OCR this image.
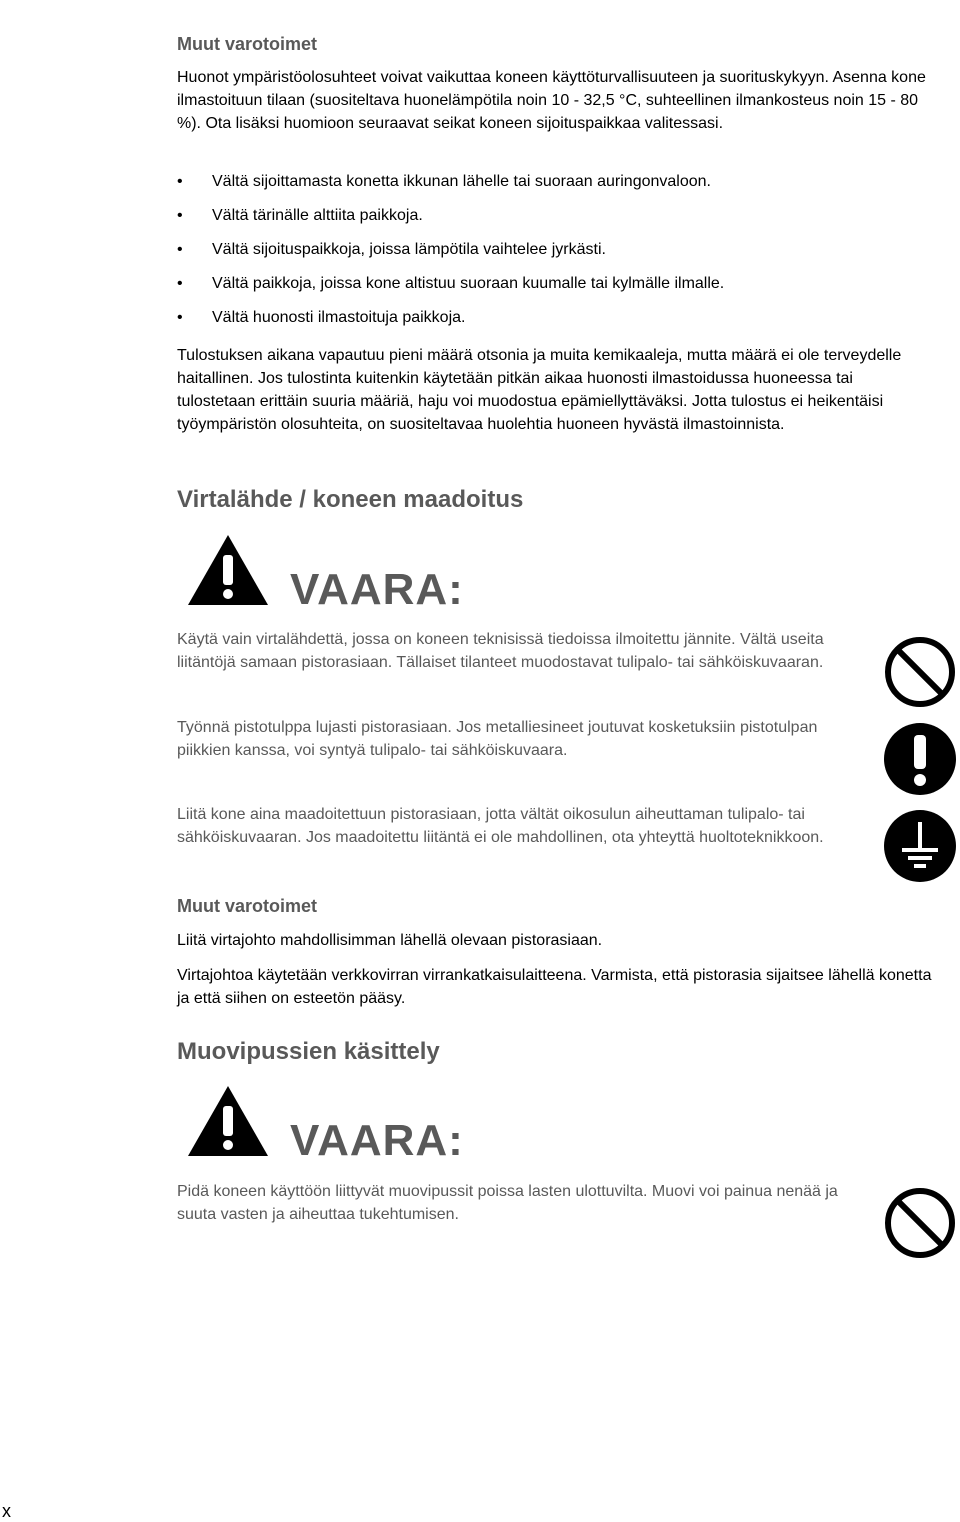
Muut varotoimet

Huonot ympäristöolosuhteet voivat vaikuttaa koneen käyttöturvallisuuteen ja suorituskykyyn. Asenna kone ilmastoituun tilaan (suositeltava huonelämpötila noin 10 - 32,5 °C, suhteellinen ilmankosteus noin 15 - 80 %). Ota lisäksi huomioon seuraavat seikat koneen sijoituspaikkaa valitessasi.

• Vältä sijoittamasta konetta ikkunan lähelle tai suoraan auringonvaloon.
• Vältä tärinälle alttiita paikkoja.
• Vältä sijoituspaikkoja, joissa lämpötila vaihtelee jyrkästi.
• Vältä paikkoja, joissa kone altistuu suoraan kuumalle tai kylmälle ilmalle.
• Vältä huonosti ilmastoituja paikkoja.

Tulostuksen aikana vapautuu pieni määrä otsonia ja muita kemikaaleja, mutta määrä ei ole terveydelle haitallinen. Jos tulostinta kuitenkin käytetään pitkän aikaa huonosti ilmastoidussa huoneessa tai tulostetaan erittäin suuria määriä, haju voi muodostua epämiellyttäväksi. Jotta tulostus ei heikentäisi työympäristön olosuhteita, on suositeltavaa huolehtia huoneen hyvästä ilmastoinnista.

Virtalähde / koneen maadoitus
VAARA:

Käytä vain virtalähdettä, jossa on koneen teknisissä tiedoissa ilmoitettu jännite. Vältä useita liitäntöjä samaan pistorasiaan. Tällaiset tilanteet muodostavat tulipalo- tai sähköiskuvaaran.

Työnnä pistotulppa lujasti pistorasiaan. Jos metalliesineet joutuvat kosketuksiin pistotulpan piikkien kanssa, voi syntyä tulipalo- tai sähköiskuvaara.

Liitä kone aina maadoitettuun pistorasiaan, jotta vältät oikosulun aiheuttaman tulipalo- tai sähköiskuvaaran. Jos maadoitettu liitäntä ei ole mahdollinen, ota yhteyttä huoltoteknikkoon.

Muut varotoimet

Liitä virtajohto mahdollisimman lähellä olevaan pistorasiaan.

Virtajohtoa käytetään verkkovirran virrankatkaisulaitteena. Varmista, että pistorasia sijaitsee lähellä konetta ja että siihen on esteetön pääsy.

Muovipussien käsittely
VAARA:

Pidä koneen käyttöön liittyvät muovipussit poissa lasten ulottuvilta. Muovi voi painua nenää ja suuta vasten ja aiheuttaa tukehtumisen.

x
